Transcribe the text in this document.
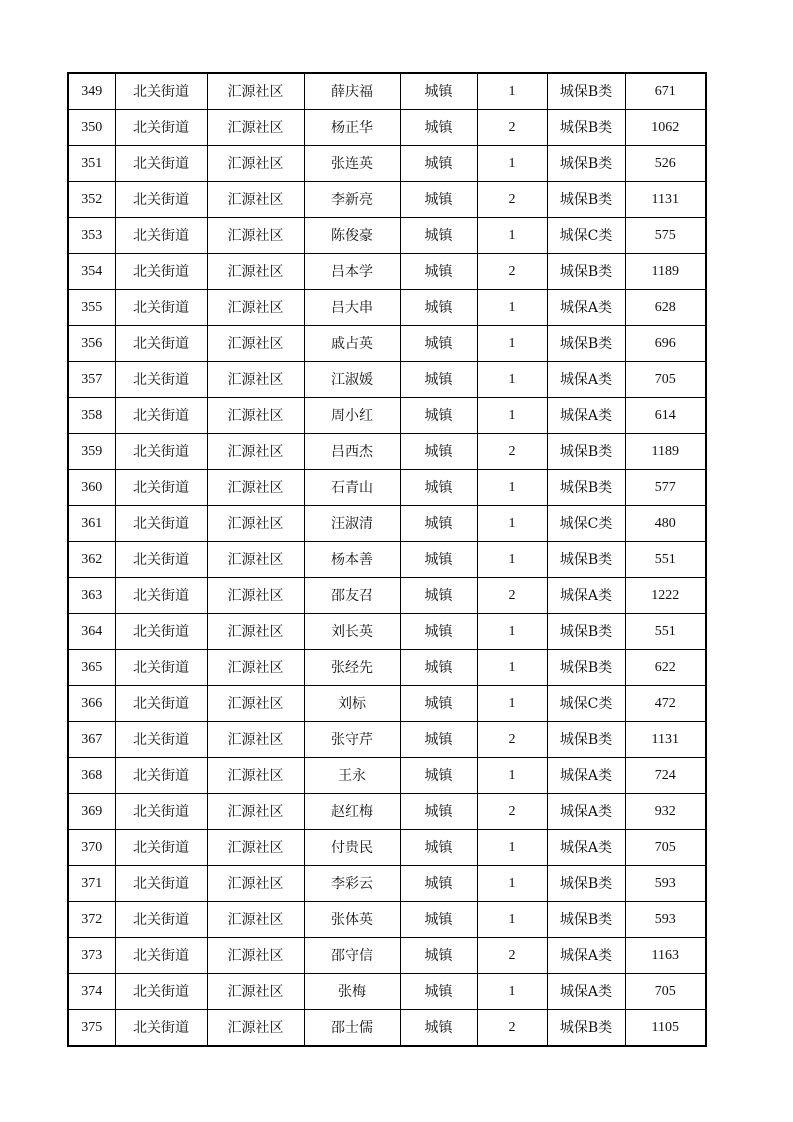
349	北关街道	汇源社区	薛庆福	城镇	1	城保B类	671
350	北关街道	汇源社区	杨正华	城镇	2	城保B类	1062
351	北关街道	汇源社区	张连英	城镇	1	城保B类	526
352	北关街道	汇源社区	李新亮	城镇	2	城保B类	1131
353	北关街道	汇源社区	陈俊豪	城镇	1	城保C类	575
354	北关街道	汇源社区	吕本学	城镇	2	城保B类	1189
355	北关街道	汇源社区	吕大串	城镇	1	城保A类	628
356	北关街道	汇源社区	戚占英	城镇	1	城保B类	696
357	北关街道	汇源社区	江淑媛	城镇	1	城保A类	705
358	北关街道	汇源社区	周小红	城镇	1	城保A类	614
359	北关街道	汇源社区	吕西杰	城镇	2	城保B类	1189
360	北关街道	汇源社区	石青山	城镇	1	城保B类	577
361	北关街道	汇源社区	汪淑清	城镇	1	城保C类	480
362	北关街道	汇源社区	杨本善	城镇	1	城保B类	551
363	北关街道	汇源社区	邵友召	城镇	2	城保A类	1222
364	北关街道	汇源社区	刘长英	城镇	1	城保B类	551
365	北关街道	汇源社区	张经先	城镇	1	城保B类	622
366	北关街道	汇源社区	刘标	城镇	1	城保C类	472
367	北关街道	汇源社区	张守芹	城镇	2	城保B类	1131
368	北关街道	汇源社区	王永	城镇	1	城保A类	724
369	北关街道	汇源社区	赵红梅	城镇	2	城保A类	932
370	北关街道	汇源社区	付贵民	城镇	1	城保A类	705
371	北关街道	汇源社区	李彩云	城镇	1	城保B类	593
372	北关街道	汇源社区	张体英	城镇	1	城保B类	593
373	北关街道	汇源社区	邵守信	城镇	2	城保A类	1163
374	北关街道	汇源社区	张梅	城镇	1	城保A类	705
375	北关街道	汇源社区	邵士儒	城镇	2	城保B类	1105
